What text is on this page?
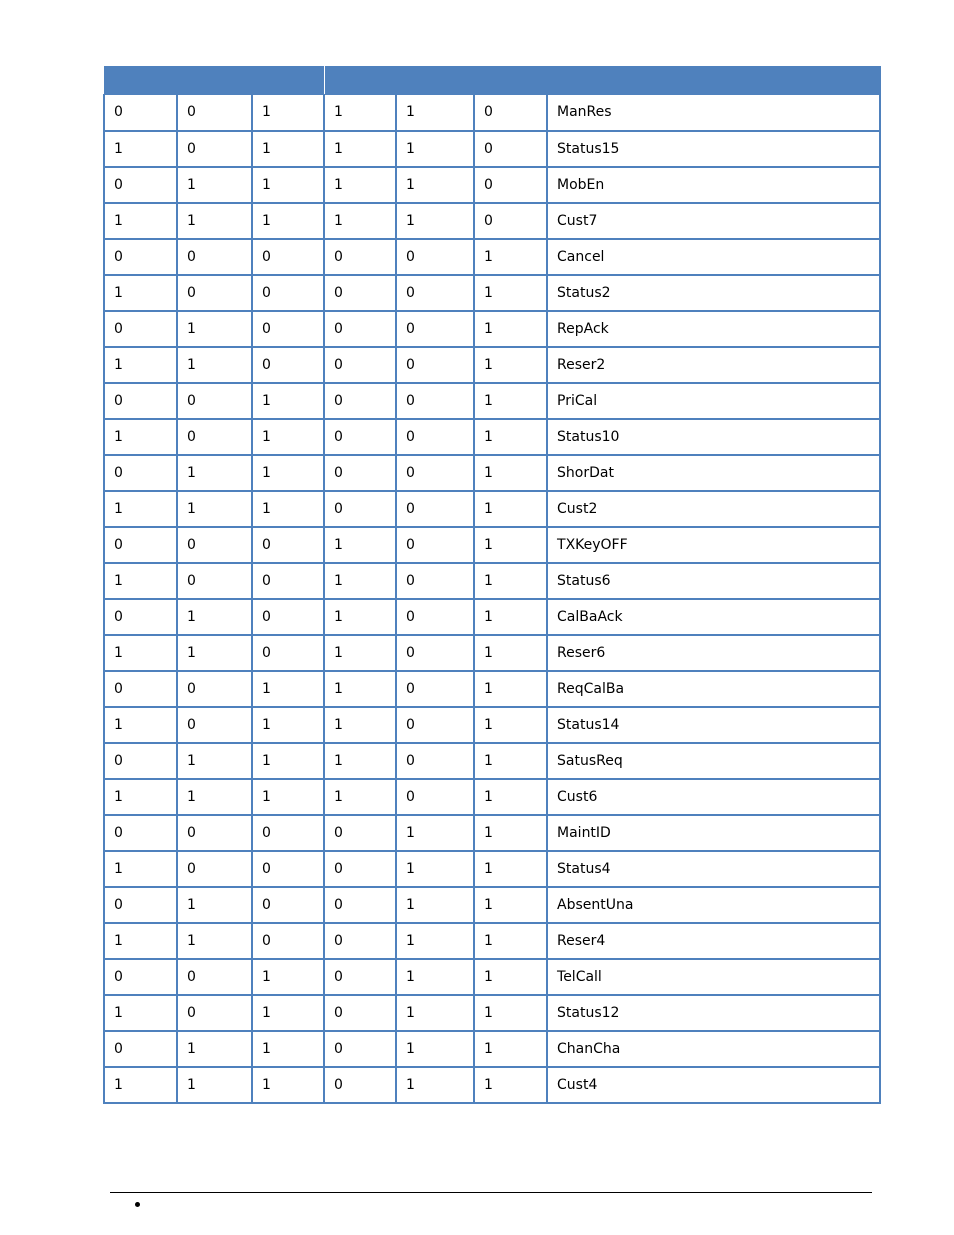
0	0	1	1	1	0	ManRes
1	0	1	1	1	0	Status15
0	1	1	1	1	0	MobEn
1	1	1	1	1	0	Cust7
0	0	0	0	0	1	Cancel
1	0	0	0	0	1	Status2
0	1	0	0	0	1	RepAck
1	1	0	0	0	1	Reser2
0	0	1	0	0	1	PriCal
1	0	1	0	0	1	Status10
0	1	1	0	0	1	ShorDat
1	1	1	0	0	1	Cust2
0	0	0	1	0	1	TXKeyOFF
1	0	0	1	0	1	Status6
0	1	0	1	0	1	CalBaAck
1	1	0	1	0	1	Reser6
0	0	1	1	0	1	ReqCalBa
1	0	1	1	0	1	Status14
0	1	1	1	0	1	SatusReq
1	1	1	1	0	1	Cust6
0	0	0	0	1	1	MaintID
1	0	0	0	1	1	Status4
0	1	0	0	1	1	AbsentUna
1	1	0	0	1	1	Reser4
0	0	1	0	1	1	TelCall
1	0	1	0	1	1	Status12
0	1	1	0	1	1	ChanCha
1	1	1	0	1	1	Cust4
